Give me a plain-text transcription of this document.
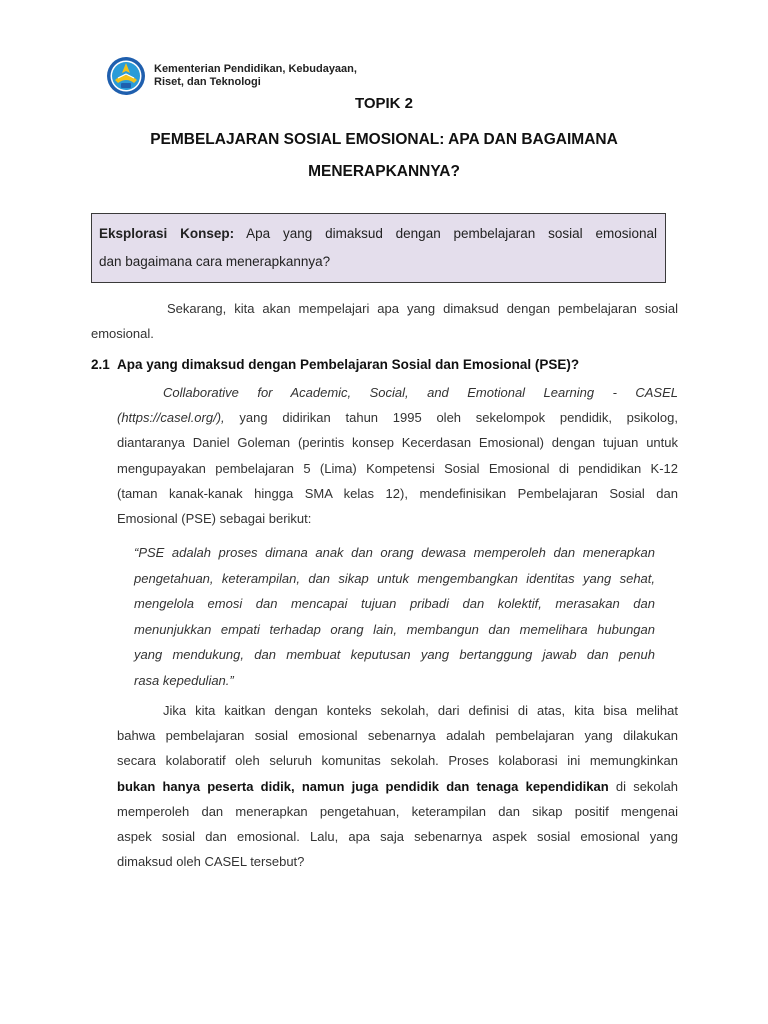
Kementerian Pendidikan, Kebudayaan,
Riset, dan Teknologi
TOPIK 2
PEMBELAJARAN SOSIAL EMOSIONAL: APA DAN BAGAIMANA
MENERAPKANNYA?
Eksplorasi Konsep: Apa yang dimaksud dengan pembelajaran sosial emosional
dan bagaimana cara menerapkannya?
Sekarang, kita akan mempelajari apa yang dimaksud dengan pembelajaran sosial
emosional.
2.1 Apa yang dimaksud dengan Pembelajaran Sosial dan Emosional (PSE)?
Collaborative for Academic, Social, and Emotional Learning - CASEL
(https://casel.org/), yang didirikan tahun 1995 oleh sekelompok pendidik, psikolog,
diantaranya Daniel Goleman (perintis konsep Kecerdasan Emosional) dengan tujuan untuk
mengupayakan pembelajaran 5 (Lima) Kompetensi Sosial Emosional di pendidikan K-12
(taman kanak-kanak hingga SMA kelas 12), mendefinisikan Pembelajaran Sosial dan
Emosional (PSE) sebagai berikut:
“PSE adalah proses dimana anak dan orang dewasa memperoleh dan menerapkan
pengetahuan, keterampilan, dan sikap untuk mengembangkan identitas yang sehat,
mengelola emosi dan mencapai tujuan pribadi dan kolektif, merasakan dan
menunjukkan empati terhadap orang lain, membangun dan memelihara hubungan
yang mendukung, dan membuat keputusan yang bertanggung jawab dan penuh
rasa kepedulian.”
Jika kita kaitkan dengan konteks sekolah, dari definisi di atas, kita bisa melihat
bahwa pembelajaran sosial emosional sebenarnya adalah pembelajaran yang dilakukan
secara kolaboratif oleh seluruh komunitas sekolah. Proses kolaborasi ini memungkinkan
bukan hanya peserta didik, namun juga pendidik dan tenaga kependidikan di sekolah
memperoleh dan menerapkan pengetahuan, keterampilan dan sikap positif mengenai
aspek sosial dan emosional. Lalu, apa saja sebenarnya aspek sosial emosional yang
dimaksud oleh CASEL tersebut?
